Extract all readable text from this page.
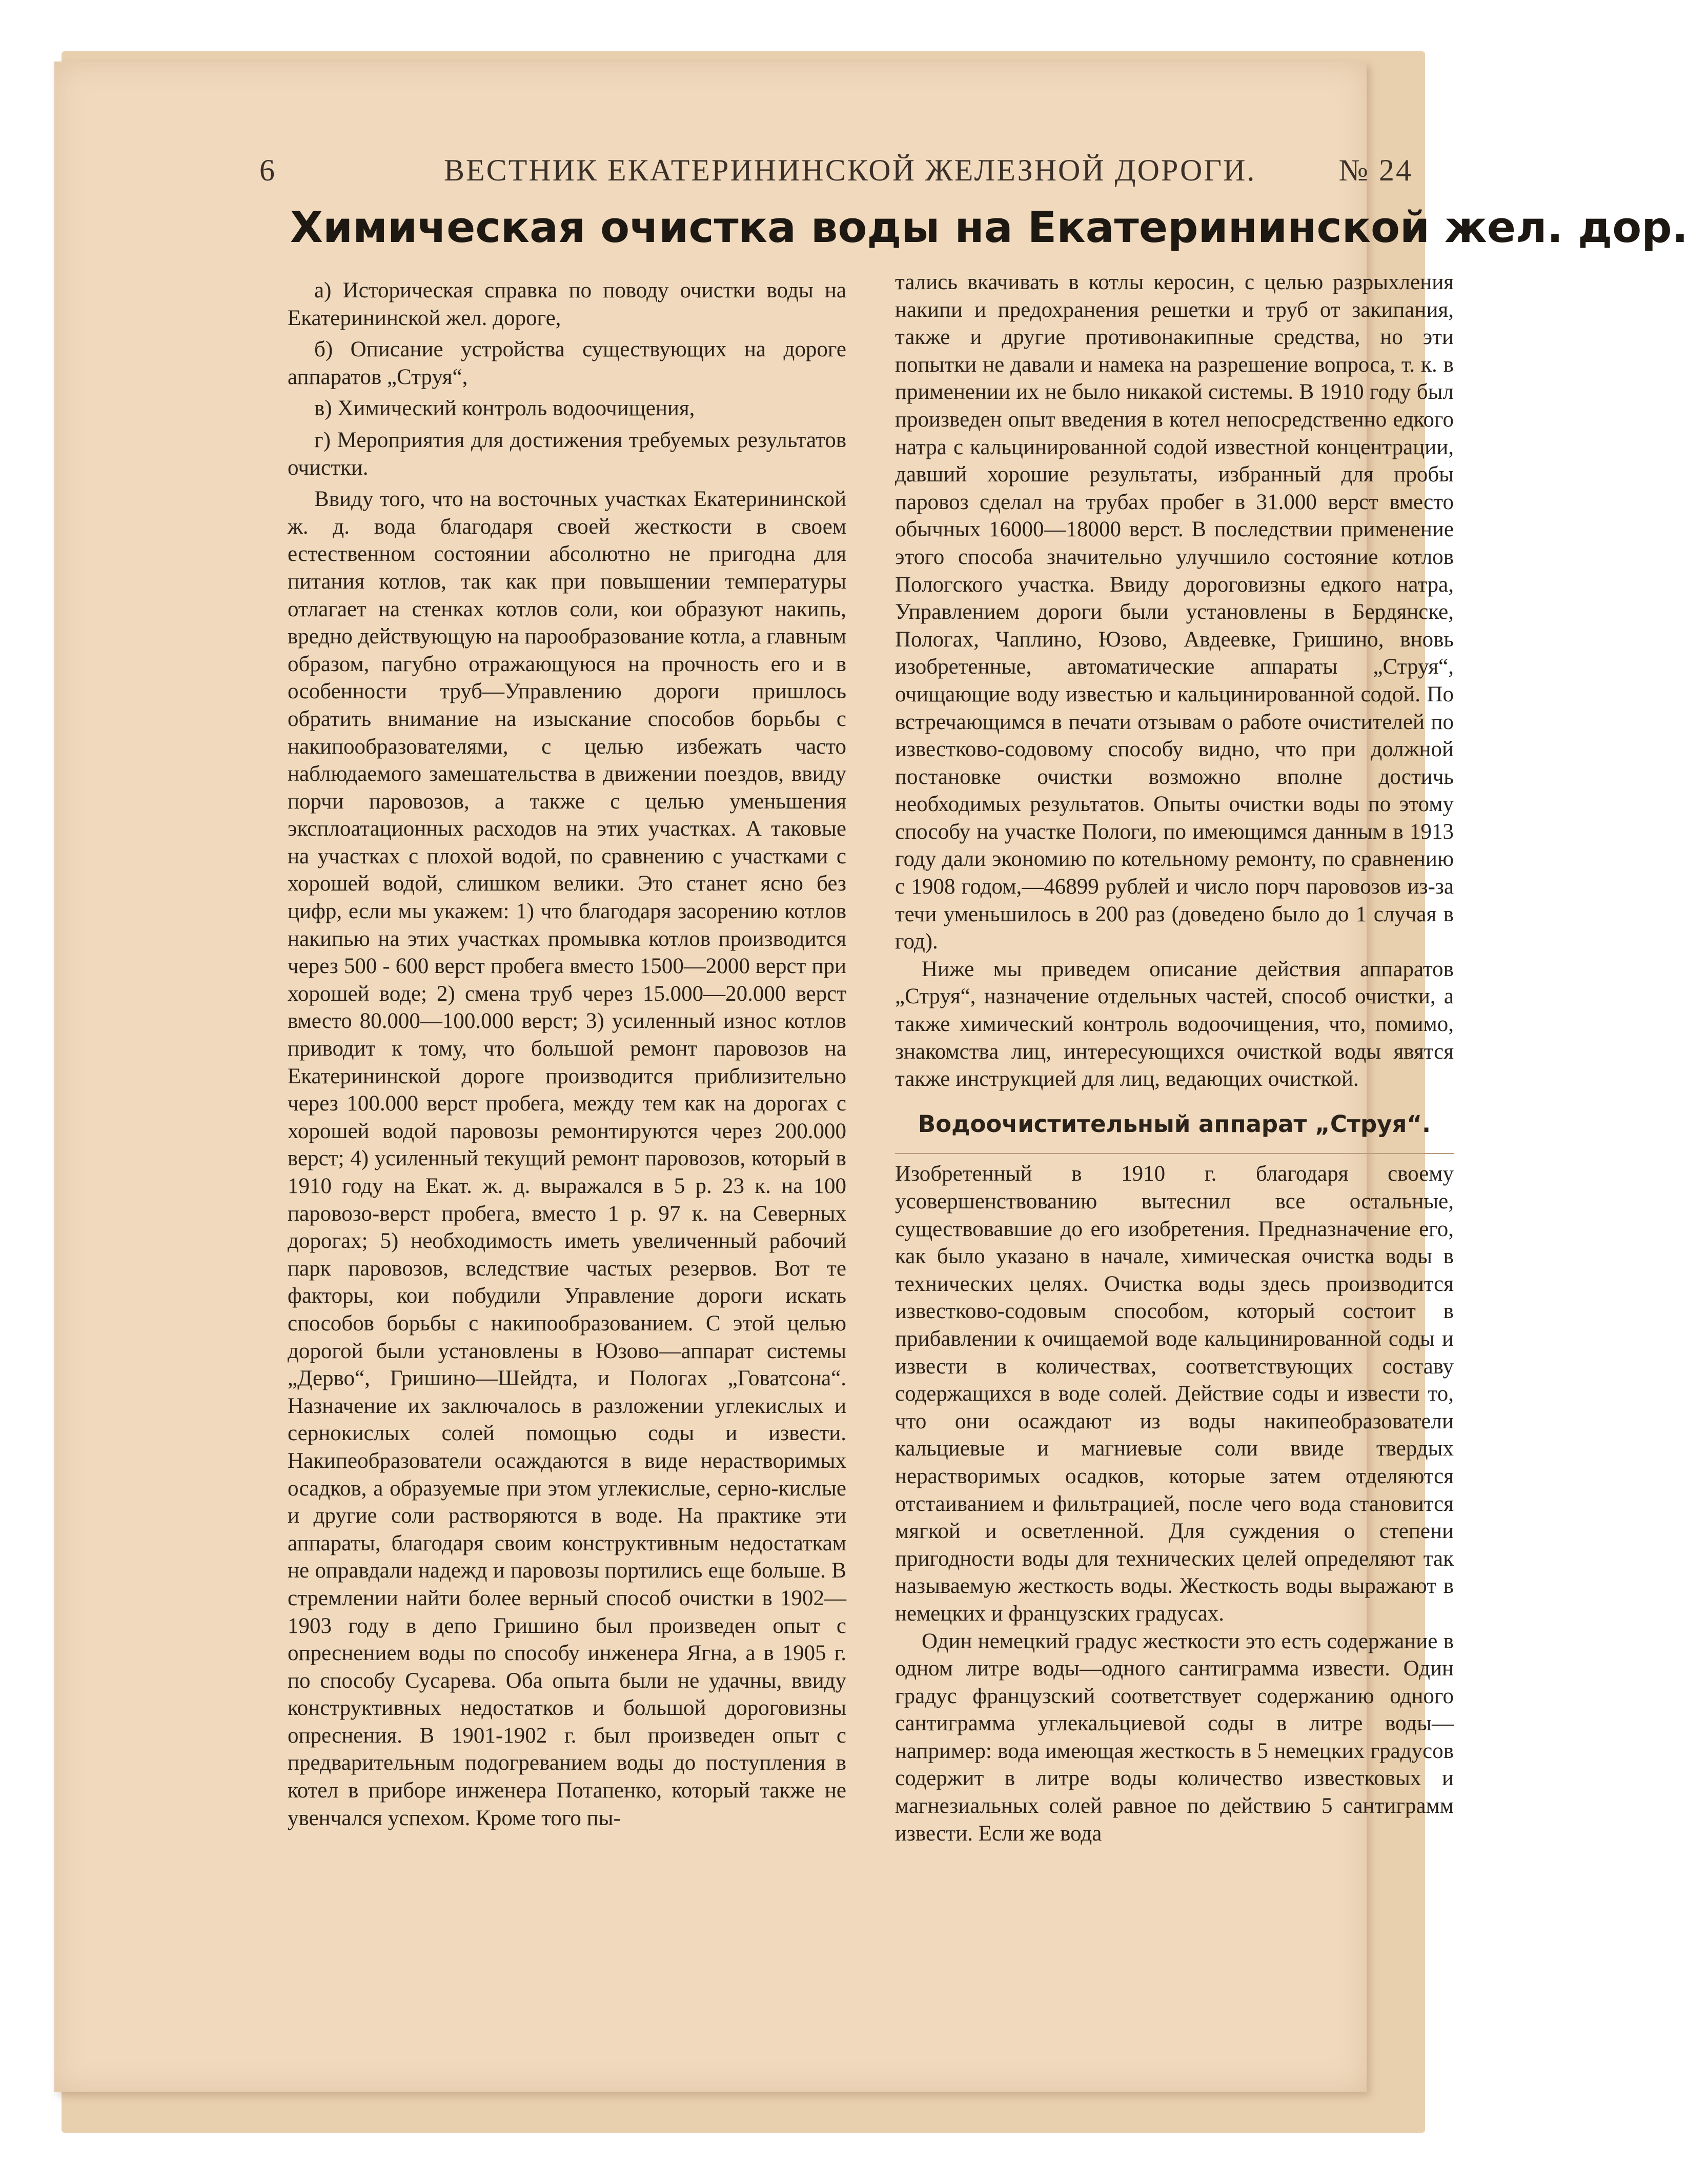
6	ВЕСТНИК ЕКАТЕРИНИНСКОЙ ЖЕЛЕЗНОЙ ДОРОГИ.	№ 24
Химическая очистка воды на Екатерининской жел. дор.

а) Историческая справка по поводу очистки воды на Екатерининской жел. дороге,

б) Описание устройства существующих на дороге аппаратов „Струя“,

в) Химический контроль водоочищения,

г) Мероприятия для достижения требуемых результатов очистки.

Ввиду того, что на восточных участках Екатерининской ж. д. вода благодаря своей жесткости в своем естественном состоянии абсолютно не пригодна для питания котлов, так как при повышении температуры отлагает на стенках котлов соли, кои образуют накипь, вредно действующую на парообразование котла, а главным образом, пагубно отражающуюся на прочность его и в особенности труб—Управлению дороги пришлось обратить внимание на изыскание способов борьбы с накипообразователями, с целью избежать часто наблюдаемого замешательства в движении поездов, ввиду порчи паровозов, а также с целью уменьшения эксплоатационных расходов на этих участках. А таковые на участках с плохой водой, по сравнению с участками с хорошей водой, слишком велики. Это станет ясно без цифр, если мы укажем: 1) что благодаря засорению котлов накипью на этих участках промывка котлов производится через 500 - 600 верст пробега вместо 1500—2000 верст при хорошей воде; 2) смена труб через 15.000—20.000 верст вместо 80.000—100.000 верст; 3) усиленный износ котлов приводит к тому, что большой ремонт паровозов на Екатерининской дороге производится приблизительно через 100.000 верст пробега, между тем как на дорогах с хорошей водой паровозы ремонтируются через 200.000 верст; 4) усиленный текущий ремонт паровозов, который в 1910 году на Екат. ж. д. выражался в 5 р. 23 к. на 100 паровозо-верст пробега, вместо 1 р. 97 к. на Северных дорогах; 5) необходимость иметь увеличенный рабочий парк паровозов, вследствие частых резервов. Вот те факторы, кои побудили Управление дороги искать способов борьбы с накипообразованием. С этой целью дорогой были установлены в Юзово—аппарат системы „Дерво“, Гришино—Шейдта, и Пологах „Говатсона“. Назначение их заключалось в разложении углекислых и сернокислых солей помощью соды и извести. Накипеобразователи осаждаются в виде нерастворимых осадков, а образуемые при этом углекислые, серно-кислые и другие соли растворяются в воде. На практике эти аппараты, благодаря своим конструктивным недостаткам не оправдали надежд и паровозы портились еще больше. В стремлении найти более верный способ очистки в 1902—1903 году в депо Гришино был произведен опыт с опреснением воды по способу инженера Ягна, а в 1905 г. по способу Сусарева. Оба опыта были не удачны, ввиду конструктивных недостатков и большой дороговизны опреснения. В 1901-1902 г. был произведен опыт с предварительным подогреванием воды до поступления в котел в приборе инженера Потапенко, который также не увенчался успехом. Кроме того пы-

тались вкачивать в котлы керосин, с целью разрыхления накипи и предохранения решетки и труб от закипания, также и другие противонакипные средства, но эти попытки не давали и намека на разрешение вопроса, т. к. в применении их не было никакой системы. В 1910 году был произведен опыт введения в котел непосредственно едкого натра с кальцинированной содой известной концентрации, давший хорошие результаты, избранный для пробы паровоз сделал на трубах пробег в 31.000 верст вместо обычных 16000—18000 верст. В последствии применение этого способа значительно улучшило состояние котлов Пологского участка. Ввиду дороговизны едкого натра, Управлением дороги были установлены в Бердянске, Пологах, Чаплино, Юзово, Авдеевке, Гришино, вновь изобретенные, автоматические аппараты „Струя“, очищающие воду известью и кальцинированной содой. По встречающимся в печати отзывам о работе очистителей по известково-содовому способу видно, что при должной постановке очистки возможно вполне достичь необходимых результатов. Опыты очистки воды по этому способу на участке Пологи, по имеющимся данным в 1913 году дали экономию по котельному ремонту, по сравнению с 1908 годом,—46899 рублей и число порч паровозов из-за течи уменьшилось в 200 раз (доведено было до 1 случая в год).

Ниже мы приведем описание действия аппаратов „Струя“, назначение отдельных частей, способ очистки, а также химический контроль водоочищения, что, помимо, знакомства лиц, интересующихся очисткой воды явятся также инструкцией для лиц, ведающих очисткой.

Водоочистительный аппарат „Струя“.

Изобретенный в 1910 г. благодаря своему усовершенствованию вытеснил все остальные, существовавшие до его изобретения. Предназначение его, как было указано в начале, химическая очистка воды в технических целях. Очистка воды здесь производится известково-содовым способом, который состоит в прибавлении к очищаемой воде кальцинированной соды и извести в количествах, соответствующих составу содержащихся в воде солей. Действие соды и извести то, что они осаждают из воды накипеобразователи кальциевые и магниевые соли ввиде твердых нерастворимых осадков, которые затем отделяются отстаиванием и фильтрацией, после чего вода становится мягкой и осветленной. Для суждения о степени пригодности воды для технических целей определяют так называемую жесткость воды. Жесткость воды выражают в немецких и французских градусах.

Один немецкий градус жесткости это есть содержание в одном литре воды—одного сантиграмма извести. Один градус французский соответствует содержанию одного сантиграмма углекальциевой соды в литре воды—например: вода имеющая жесткость в 5 немецких градусов содержит в литре воды количество известковых и магнезиальных солей равное по действию 5 сантиграмм извести. Если же вода
